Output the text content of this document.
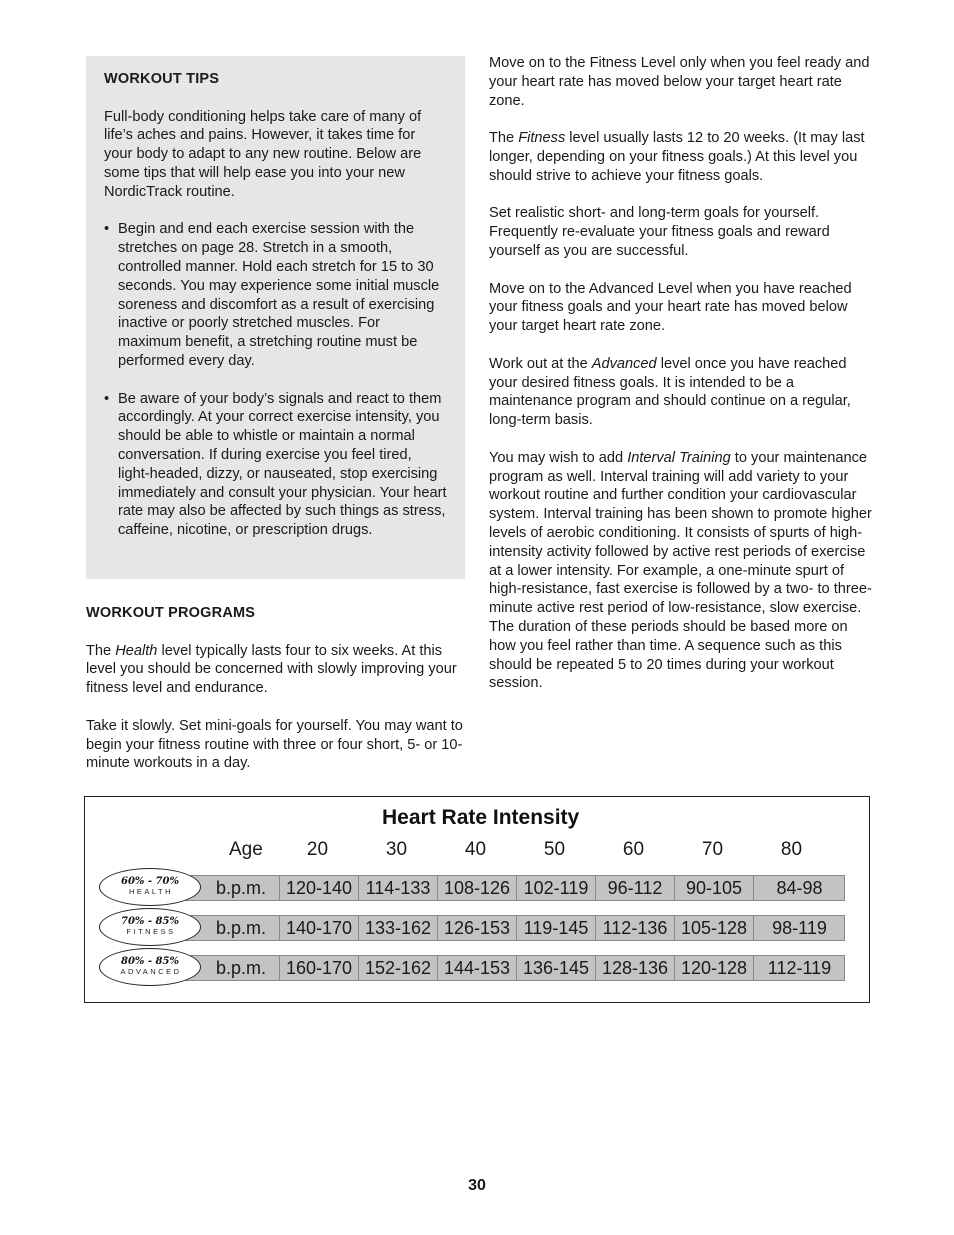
WORKOUT TIPS

Full-body conditioning helps take care of many of life’s aches and pains. However, it takes time for your body to adapt to any new routine. Below are some tips that will help ease you into your new NordicTrack routine.

• Begin and end each exercise session with the stretches on page 28. Stretch in a smooth, controlled manner. Hold each stretch for 15 to 30 seconds. You may experience some initial muscle soreness and discomfort as a result of exercising inactive or poorly stretched muscles. For maximum benefit, a stretching routine must be performed every day.
• Be aware of your body’s signals and react to them accordingly. At your correct exercise intensity, you should be able to whistle or maintain a normal conversation. If during exercise you feel tired, light-headed, dizzy, or nauseated, stop exercising immediately and consult your physician. Your heart rate may also be affected by such things as stress, caffeine, nicotine, or prescription drugs.
WORKOUT PROGRAMS

The Health level typically lasts four to six weeks. At this level you should be concerned with slowly improving your fitness level and endurance.

Take it slowly. Set mini-goals for yourself. You may want to begin your fitness routine with three or four short, 5- or 10-minute workouts in a day.

Move on to the Fitness Level only when you feel ready and your heart rate has moved below your target heart rate zone.

The Fitness level usually lasts 12 to 20 weeks. (It may last longer, depending on your fitness goals.) At this level you should strive to achieve your fitness goals.

Set realistic short- and long-term goals for yourself. Frequently re-evaluate your fitness goals and reward yourself as you are successful.

Move on to the Advanced Level when you have reached your fitness goals and your heart rate has moved below your target heart rate zone.

Work out at the Advanced level once you have reached your desired fitness goals. It is intended to be a maintenance program and should continue on a regular, long-term basis.

You may wish to add Interval Training to your maintenance program as well. Interval training will add variety to your workout routine and further condition your cardiovascular system. Interval training has been shown to promote higher levels of aerobic conditioning. It consists of spurts of high-intensity activity followed by active rest periods of exercise at a lower intensity. For example, a one-minute spurt of high-resistance, fast exercise is followed by a two- to three-minute active rest period of low-resistance, slow exercise. The duration of these periods should be based more on how you feel rather than time. A sequence such as this should be repeated 5 to 20 times during your workout session.

Heart Rate Intensity
Age	20	30	40	50	60	70	80
60% - 70%
HEALTH	b.p.m.	120-140 114-133 108-126 102-119	96-112	90-105	84-98
70% - 85%
FITNESS	b.p.m.	140-170 133-162 126-153 119-145 112-136 105-128	98-119
80% - 85%
ADVANCED	b.p.m.	160-170 152-162 144-153 136-145 128-136 120-128	112-119
30
